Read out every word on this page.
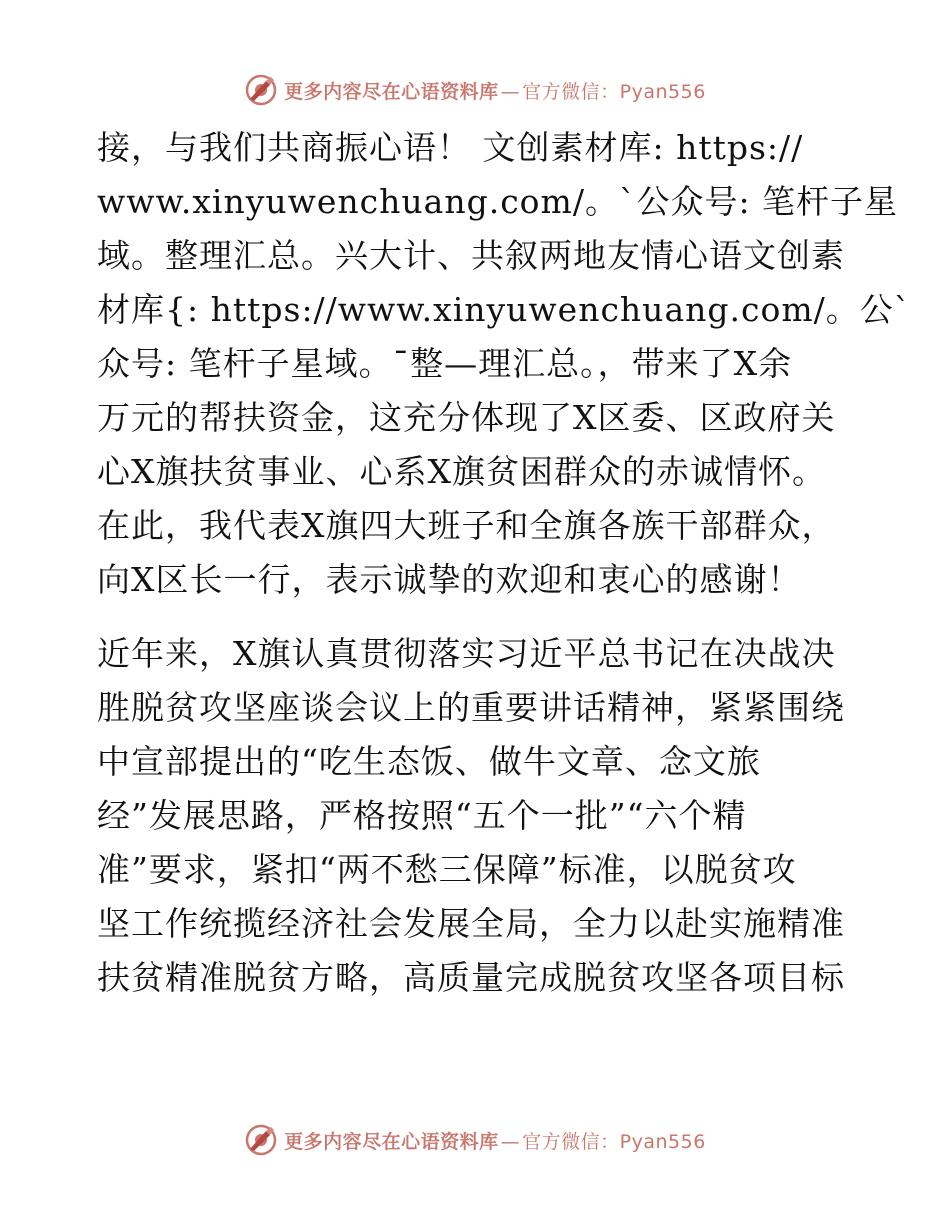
更多内容尽在心语资料库 — 官方微信：Pyan556
接，与我们共商振心语！ 文创素材库: https://
www.xinyuwenchuang.com/。`公众号: 笔杆子星
域。整理汇总。兴大计、共叙两地友情心语文创素
材库{: https://www.xinyuwenchuang.com/。公`
众号: 笔杆子星域。¯整—理汇总。，带来了X余
万元的帮扶资金，这充分体现了X区委、区政府关
心X旗扶贫事业、心系X旗贫困群众的赤诚情怀。
在此，我代表X旗四大班子和全旗各族干部群众，
向X区长一行，表示诚挚的欢迎和衷心的感谢！
近年来，X旗认真贯彻落实习近平总书记在决战决
胜脱贫攻坚座谈会议上的重要讲话精神，紧紧围绕
中宣部提出的“吃生态饭、做牛文章、念文旅
经”发展思路，严格按照“五个一批”“六个精
准”要求，紧扣“两不愁三保障”标准，以脱贫攻
坚工作统揽经济社会发展全局，全力以赴实施精准
扶贫精准脱贫方略，高质量完成脱贫攻坚各项目标
更多内容尽在心语资料库 — 官方微信：Pyan556
